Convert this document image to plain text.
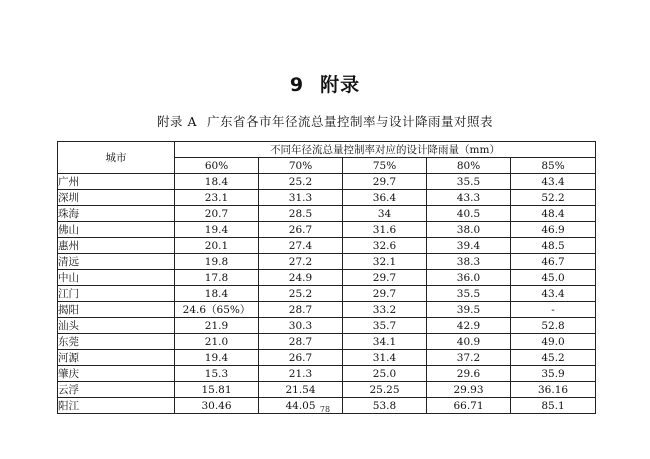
9 附录
附录 A 广东省各市年径流总量控制率与设计降雨量对照表
城市	不同年径流总量控制率对应的设计降雨量（mm）				
	60%	70%	75%	80%	85%
广州	18.4	25.2	29.7	35.5	43.4
深圳	23.1	31.3	36.4	43.3	52.2
珠海	20.7	28.5	34	40.5	48.4
佛山	19.4	26.7	31.6	38.0	46.9
惠州	20.1	27.4	32.6	39.4	48.5
清远	19.8	27.2	32.1	38.3	46.7
中山	17.8	24.9	29.7	36.0	45.0
江门	18.4	25.2	29.7	35.5	43.4
揭阳	24.6（65%）	28.7	33.2	39.5	-
汕头	21.9	30.3	35.7	42.9	52.8
东莞	21.0	28.7	34.1	40.9	49.0
河源	19.4	26.7	31.4	37.2	45.2
肇庆	15.3	21.3	25.0	29.6	35.9
云浮	15.81	21.54	25.25	29.93	36.16
阳江	30.46	44.05	53.8	66.71	85.1
78
